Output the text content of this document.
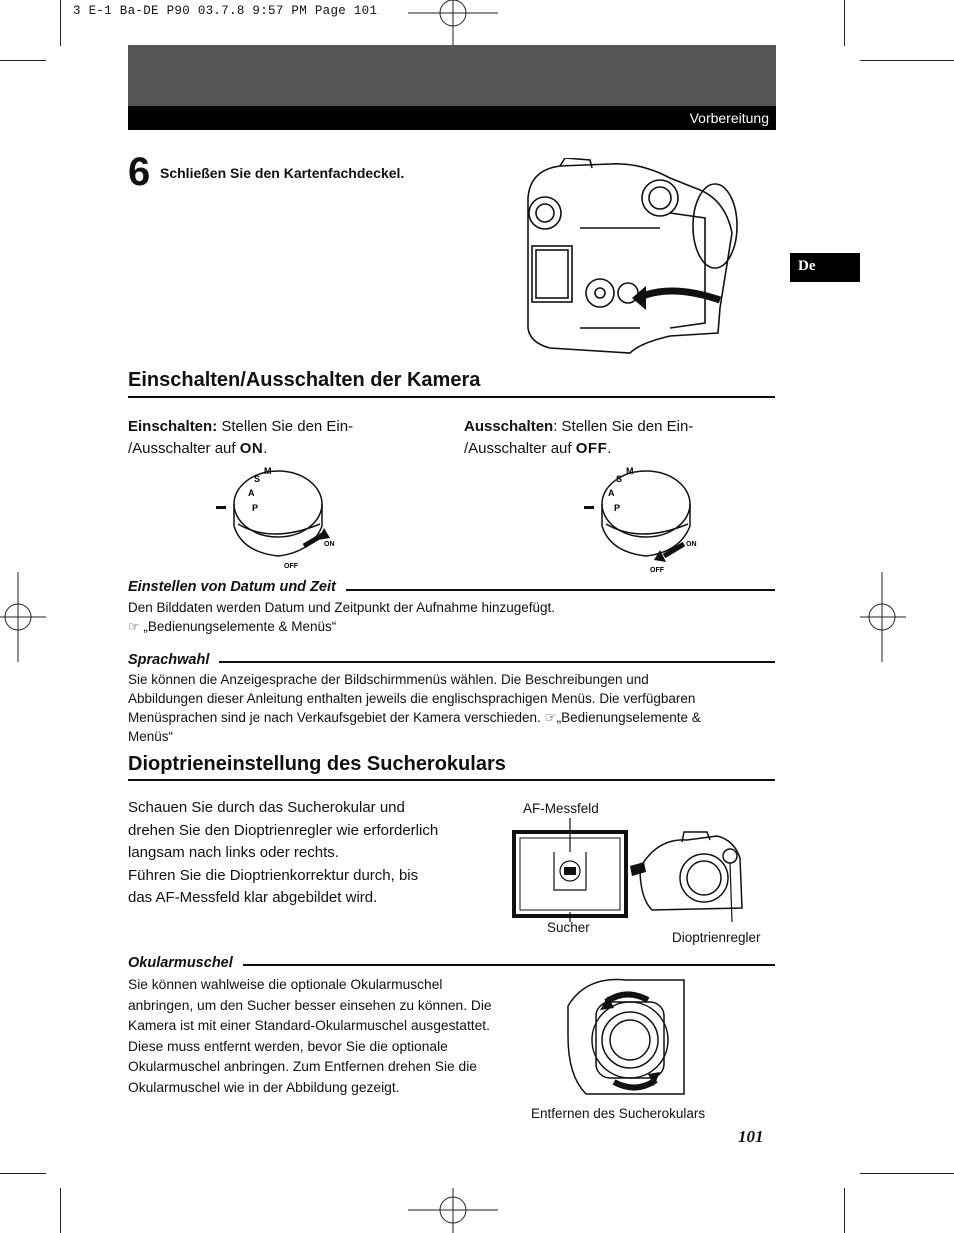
3 E-1 Ba-DE P90 03.7.8 9:57 PM Page 101
Vorbereitung
De
6 Schließen Sie den Kartenfachdeckel.
Einschalten/Ausschalten der Kamera
Einschalten: Stellen Sie den Ein-
/Ausschalter auf ON.
Ausschalten: Stellen Sie den Ein-
/Ausschalter auf OFF.
A
S
M
P
ON
OFF
A
S
M
P
ON
OFF
Einstellen von Datum und Zeit
Den Bilddaten werden Datum und Zeitpunkt der Aufnahme hinzugefügt.
☞ „Bedienungselemente & Menüs“
Sprachwahl
Sie können die Anzeigesprache der Bildschirmmenüs wählen. Die Beschreibungen und
Abbildungen dieser Anleitung enthalten jeweils die englischsprachigen Menüs. Die verfügbaren
Menüsprachen sind je nach Verkaufsgebiet der Kamera verschieden. ☞„Bedienungselemente &
Menüs“
Dioptrieneinstellung des Sucherokulars
Schauen Sie durch das Sucherokular und
drehen Sie den Dioptrienregler wie erforderlich
langsam nach links oder rechts.
Führen Sie die Dioptrienkorrektur durch, bis
das AF-Messfeld klar abgebildet wird.
AF-Messfeld
Sucher
Dioptrienregler
Okularmuschel
Sie können wahlweise die optionale Okularmuschel
anbringen, um den Sucher besser einsehen zu können. Die
Kamera ist mit einer Standard-Okularmuschel ausgestattet.
Diese muss entfernt werden, bevor Sie die optionale
Okularmuschel anbringen. Zum Entfernen drehen Sie die
Okularmuschel wie in der Abbildung gezeigt.
Entfernen des Sucherokulars
101
